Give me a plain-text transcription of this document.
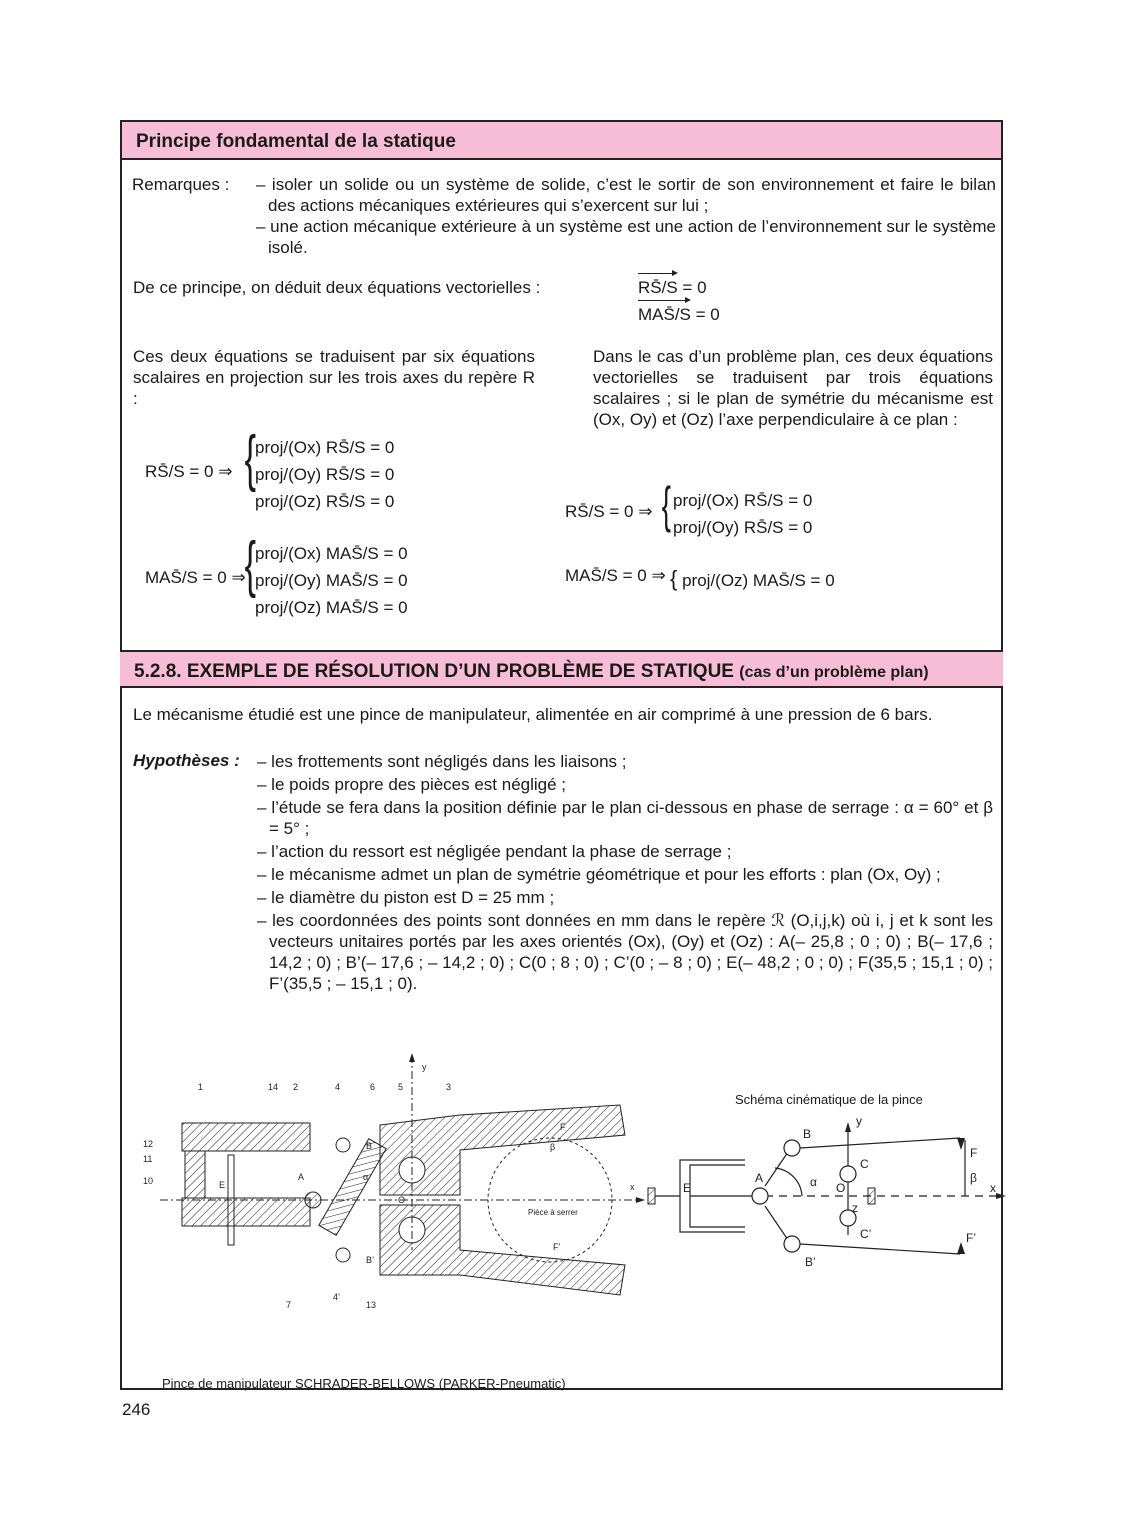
Principe fondamental de la statique
Remarques :	– isoler un solide ou un système de solide, c’est le sortir de son environnement et faire le bilan des actions mécaniques extérieures qui s’exercent sur lui ;
– une action mécanique extérieure à un système est une action de l’environnement sur le système isolé.
De ce principe, on déduit deux équations vectorielles :	RS̄/S = 0
MAS̄/S = 0
Ces deux équations se traduisent par six équations scalaires en projection sur les trois axes du repère R :
Dans le cas d’un problème plan, ces deux équations vectorielles se traduisent par trois équations scalaires ; si le plan de symétrie du mécanisme est (Ox, Oy) et (Oz) l’axe perpendiculaire à ce plan :
RS̄/S = 0 ⇒ {
proj/(Ox) RS̄/S = 0
proj/(Oy) RS̄/S = 0
proj/(Oz) RS̄/S = 0
MAS̄/S = 0 ⇒
{
proj/(Ox) MAS̄/S = 0
proj/(Oy) MAS̄/S = 0
proj/(Oz) MAS̄/S = 0
RS̄/S = 0 ⇒ { proj/(Ox) RS̄/S = 0
proj/(Oy) RS̄/S = 0
MAS̄/S = 0 ⇒ { proj/(Oz) MAS̄/S = 0
5.2.8. EXEMPLE DE RÉSOLUTION D’UN PROBLÈME DE STATIQUE (cas d’un problème plan)
Le mécanisme étudié est une pince de manipulateur, alimentée en air comprimé à une pression de 6 bars.
Hypothèses : – les frottements sont négligés dans les liaisons ;
– le poids propre des pièces est négligé ;
– l’étude se fera dans la position définie par le plan ci-dessous en phase de serrage : α = 60° et β = 5° ;
– l’action du ressort est négligée pendant la phase de serrage ;
– le mécanisme admet un plan de symétrie géométrique et pour les efforts : plan (Ox, Oy) ;
– le diamètre du piston est D = 25 mm ;
– les coordonnées des points sont données en mm dans le repère ℛ (O,i,j,k) où i, j et k sont les vecteurs unitaires portés par les axes orientés (Ox), (Oy) et (Oz) : A(– 25,8 ; 0 ; 0) ; B(– 17,6 ; 14,2 ; 0) ; B’(– 17,6 ; – 14,2 ; 0) ; C(0 ; 8 ; 0) ; C’(0 ; – 8 ; 0) ; E(– 48,2 ; 0 ; 0) ; F(35,5 ; 15,1 ; 0) ; F’(35,5 ; – 15,1 ; 0).
1	14 2	4	6	5	3
12
11
10
7
4’
13
E
A
B
B’
O
α
β
F
F’
x
y
Pièce à serrer
Schéma cinématique de la pince
B
y
C
F
A	α	β
O
E	x
z
C’	F’
B’
Pince de manipulateur SCHRADER-BELLOWS (PARKER-Pneumatic)
246
